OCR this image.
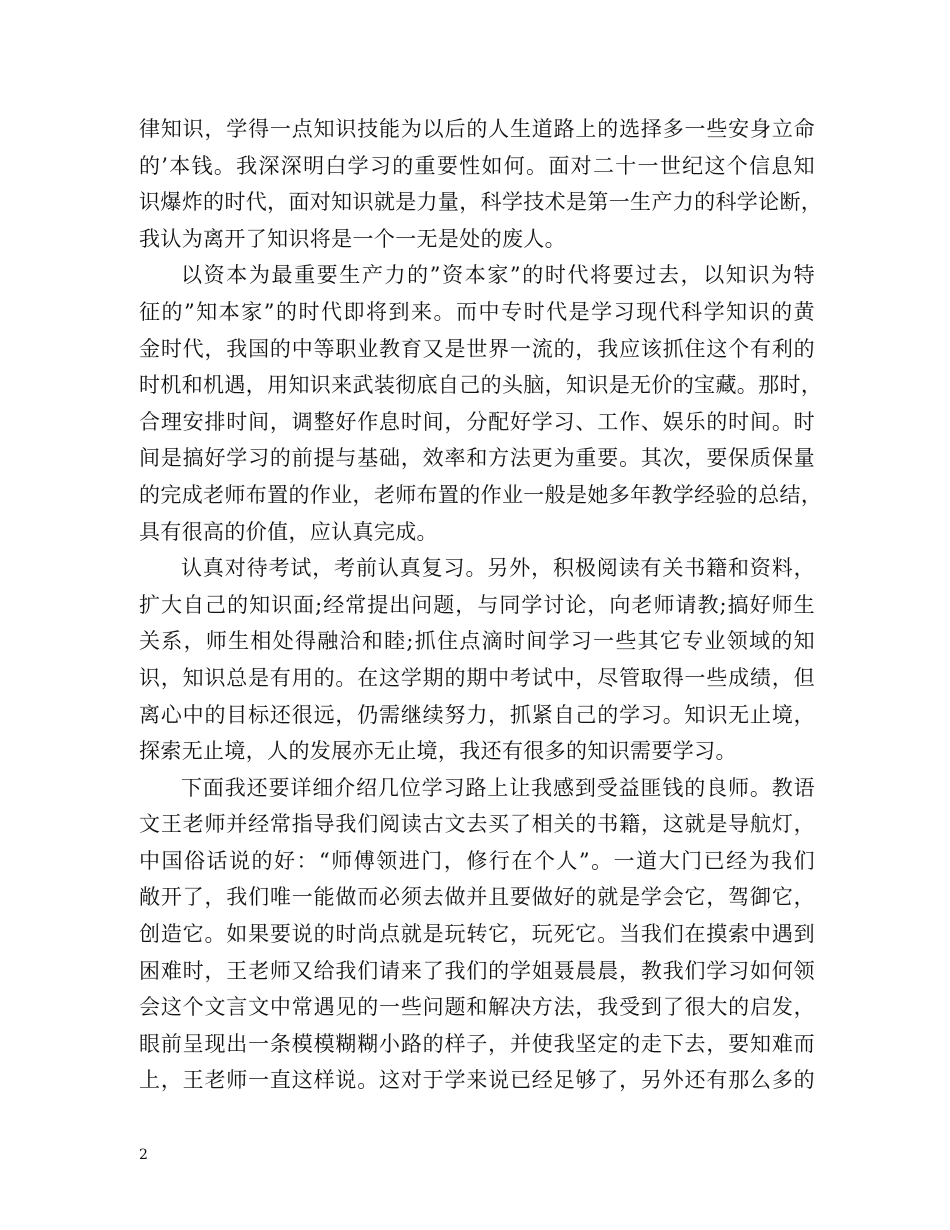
律知识，学得一点知识技能为以后的人生道路上的选择多一些安身立命
的’本钱。我深深明白学习的重要性如何。面对二十一世纪这个信息知
识爆炸的时代，面对知识就是力量，科学技术是第一生产力的科学论断，
我认为离开了知识将是一个一无是处的废人。
以资本为最重要生产力的”资本家”的时代将要过去，以知识为特
征的”知本家”的时代即将到来。而中专时代是学习现代科学知识的黄
金时代，我国的中等职业教育又是世界一流的，我应该抓住这个有利的
时机和机遇，用知识来武装彻底自己的头脑，知识是无价的宝藏。那时，
合理安排时间，调整好作息时间，分配好学习、工作、娱乐的时间。时
间是搞好学习的前提与基础，效率和方法更为重要。其次，要保质保量
的完成老师布置的作业，老师布置的作业一般是她多年教学经验的总结，
具有很高的价值，应认真完成。
认真对待考试，考前认真复习。另外，积极阅读有关书籍和资料，
扩大自己的知识面;经常提出问题，与同学讨论，向老师请教;搞好师生
关系，师生相处得融洽和睦;抓住点滴时间学习一些其它专业领域的知
识，知识总是有用的。在这学期的期中考试中，尽管取得一些成绩，但
离心中的目标还很远，仍需继续努力，抓紧自己的学习。知识无止境，
探索无止境，人的发展亦无止境，我还有很多的知识需要学习。
下面我还要详细介绍几位学习路上让我感到受益匪钱的良师。教语
文王老师并经常指导我们阅读古文去买了相关的书籍，这就是导航灯，
中国俗话说的好：“师傅领进门，修行在个人”。一道大门已经为我们
敞开了，我们唯一能做而必须去做并且要做好的就是学会它，驾御它，
创造它。如果要说的时尚点就是玩转它，玩死它。当我们在摸索中遇到
困难时，王老师又给我们请来了我们的学姐聂晨晨，教我们学习如何领
会这个文言文中常遇见的一些问题和解决方法，我受到了很大的启发，
眼前呈现出一条模模糊糊小路的样子，并使我坚定的走下去，要知难而
上，王老师一直这样说。这对于学来说已经足够了，另外还有那么多的
2
